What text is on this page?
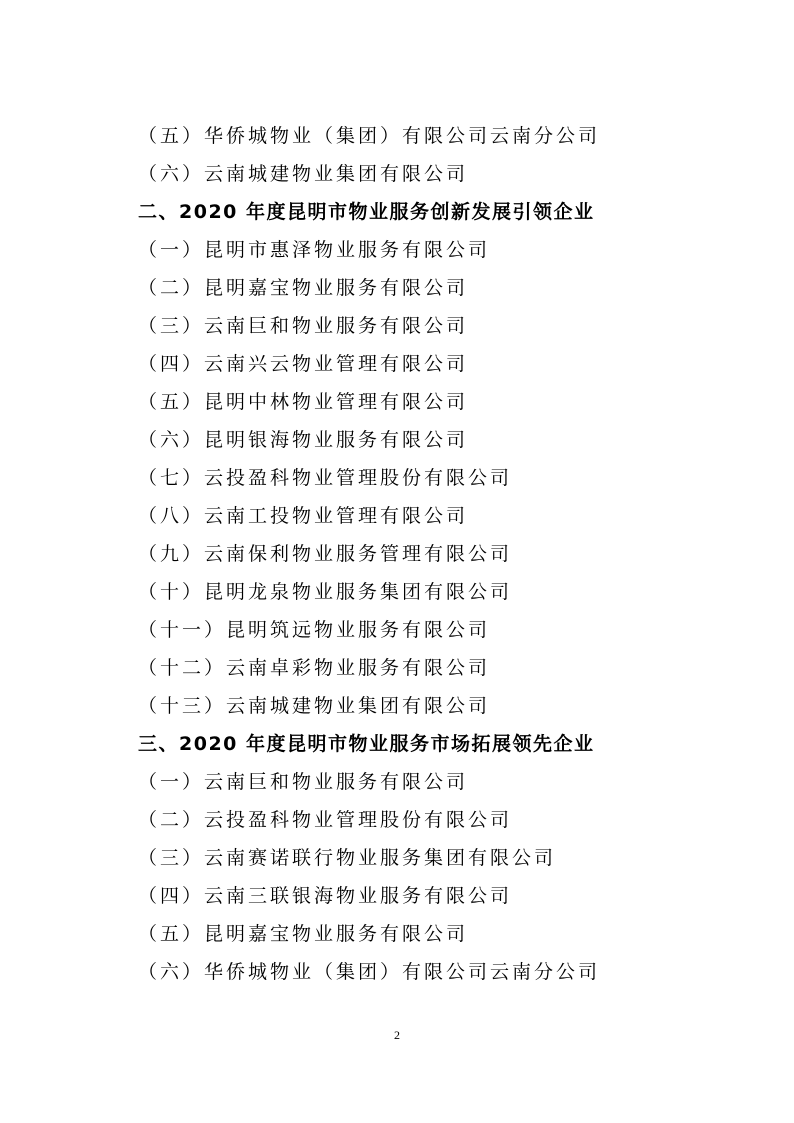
（五）华侨城物业（集团）有限公司云南分公司
（六）云南城建物业集团有限公司
二、2020 年度昆明市物业服务创新发展引领企业
（一）昆明市惠泽物业服务有限公司
（二）昆明嘉宝物业服务有限公司
（三）云南巨和物业服务有限公司
（四）云南兴云物业管理有限公司
（五）昆明中林物业管理有限公司
（六）昆明银海物业服务有限公司
（七）云投盈科物业管理股份有限公司
（八）云南工投物业管理有限公司
（九）云南保利物业服务管理有限公司
（十）昆明龙泉物业服务集团有限公司
（十一）昆明筑远物业服务有限公司
（十二）云南卓彩物业服务有限公司
（十三）云南城建物业集团有限公司
三、2020 年度昆明市物业服务市场拓展领先企业
（一）云南巨和物业服务有限公司
（二）云投盈科物业管理股份有限公司
（三）云南赛诺联行物业服务集团有限公司
（四）云南三联银海物业服务有限公司
（五）昆明嘉宝物业服务有限公司
（六）华侨城物业（集团）有限公司云南分公司
2
